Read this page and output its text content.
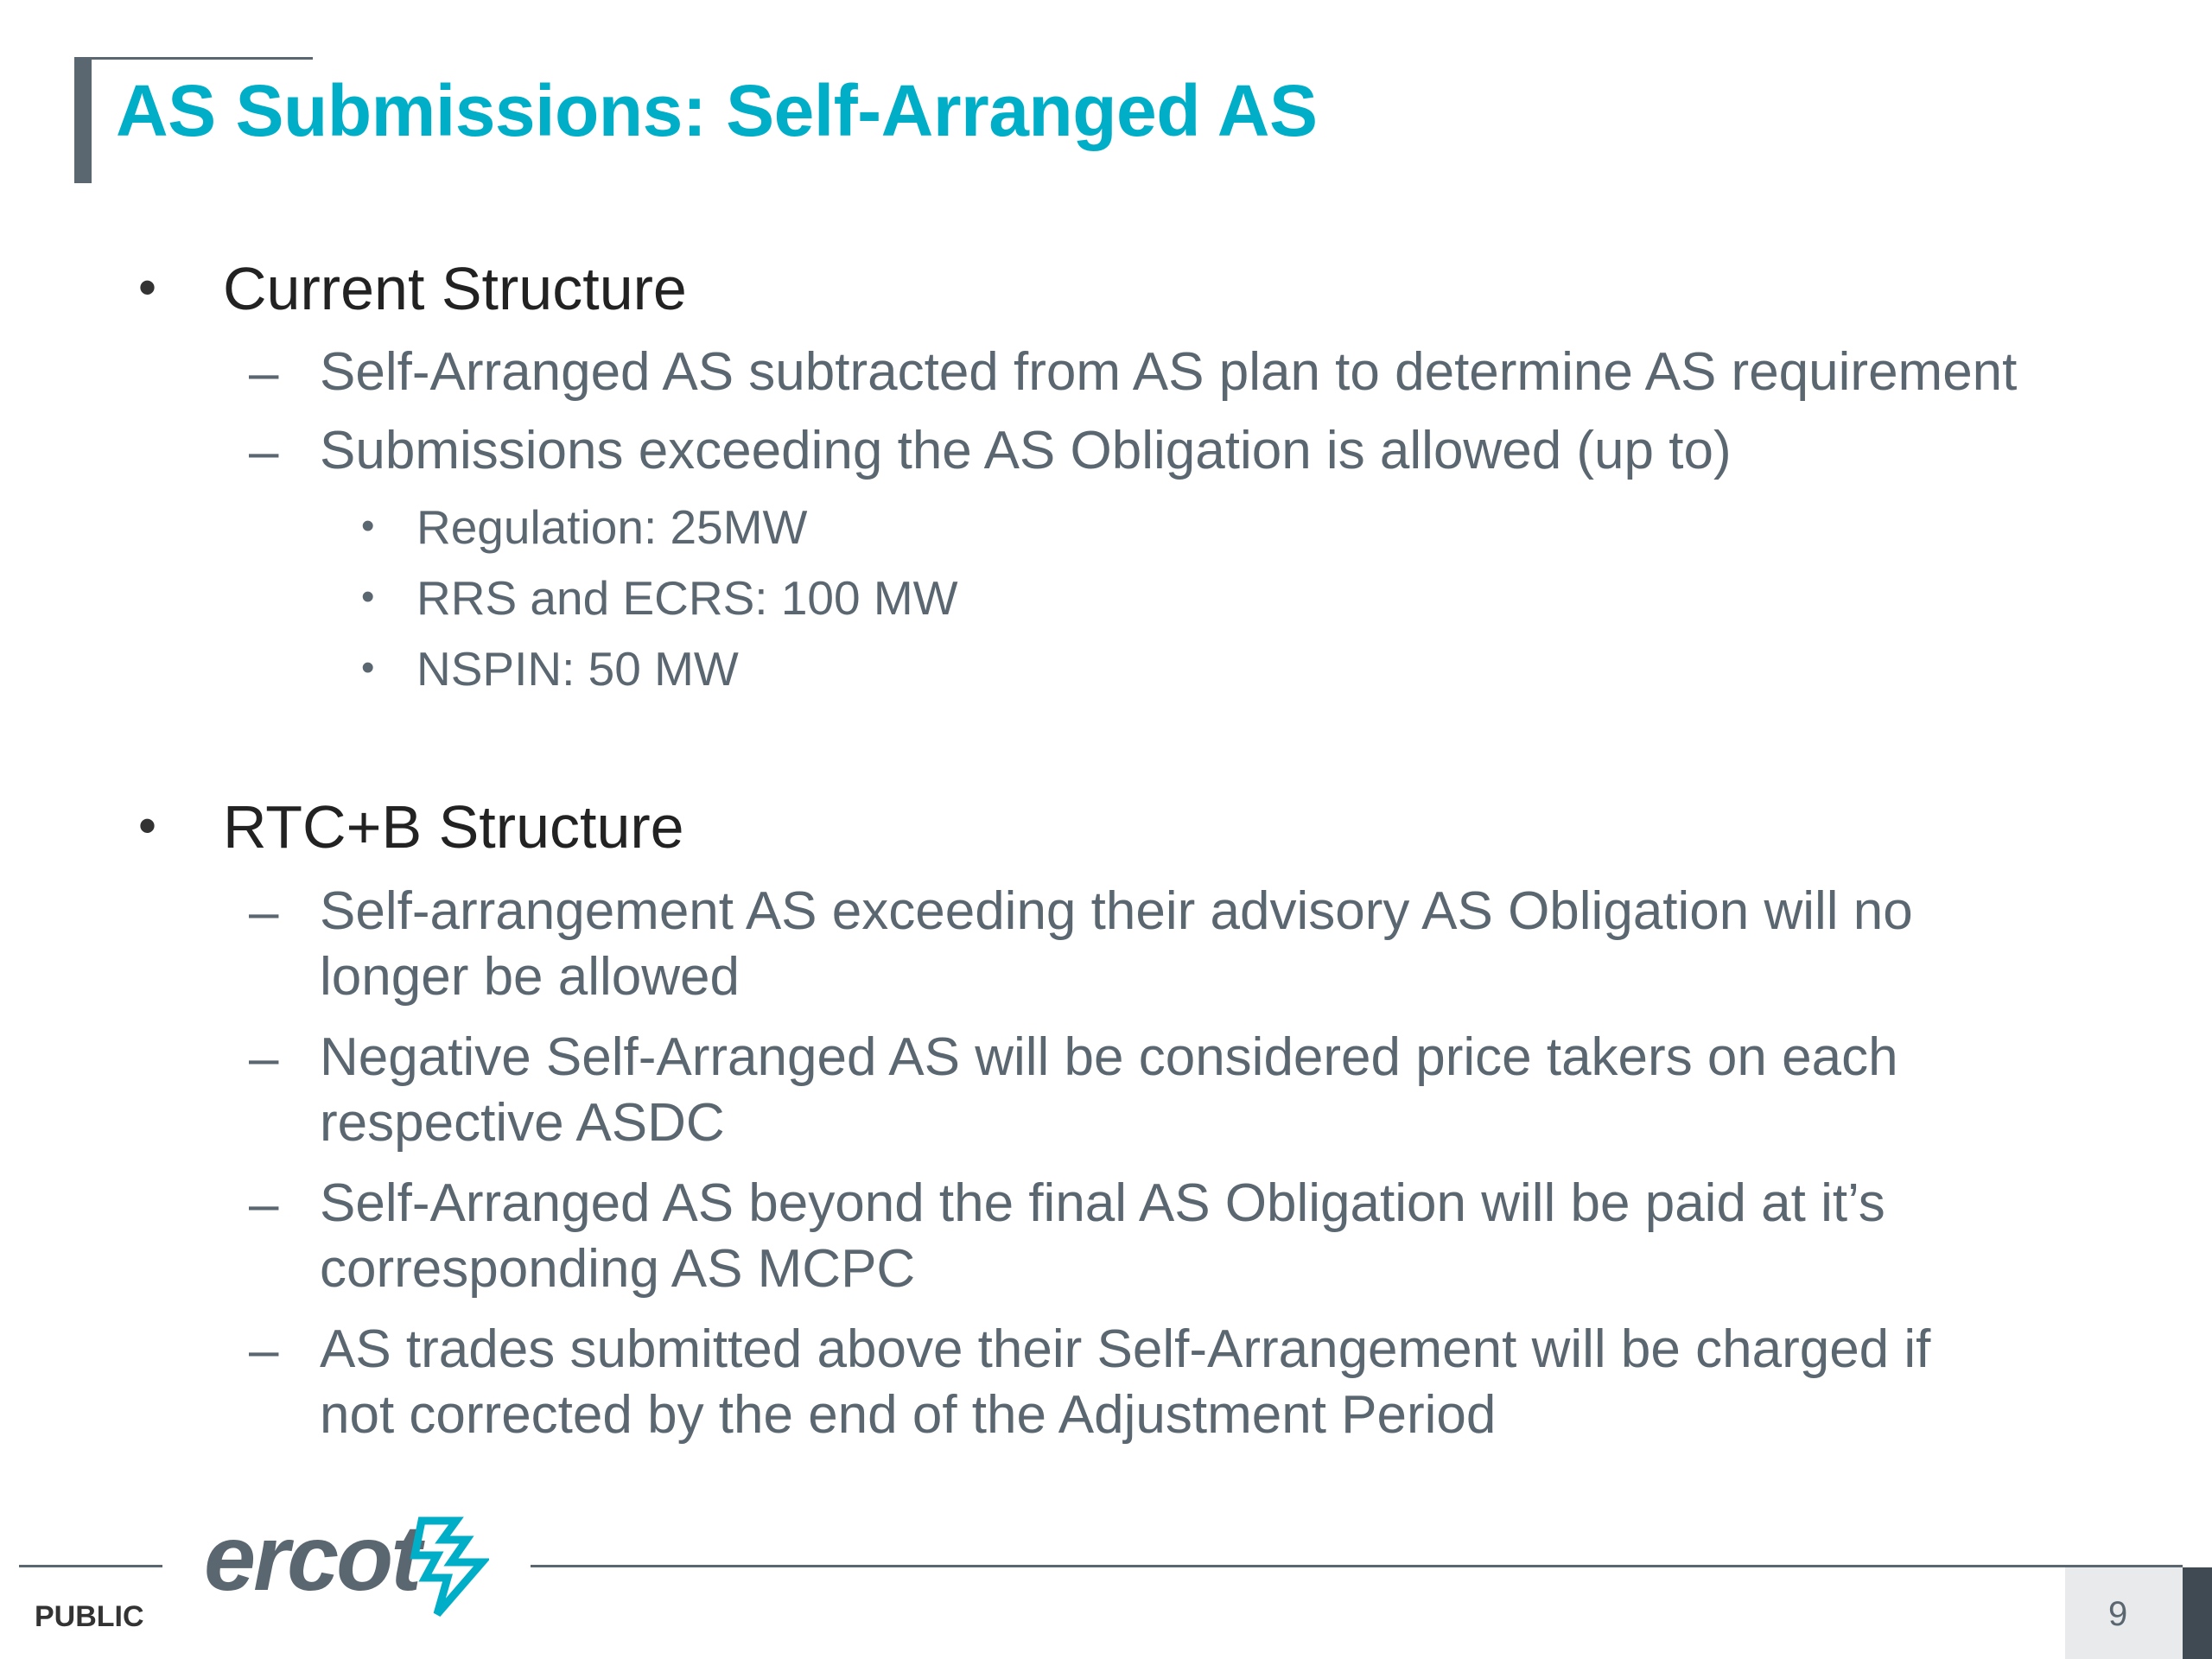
AS Submissions: Self-Arranged AS
• Current Structure
– Self-Arranged AS subtracted from AS plan to determine AS requirement
– Submissions exceeding the AS Obligation is allowed (up to)
• Regulation: 25MW
• RRS and ECRS: 100 MW
• NSPIN: 50 MW
• RTC+B Structure
– Self-arrangement AS exceeding their advisory AS Obligation will no
longer be allowed
– Negative Self-Arranged AS will be considered price takers on each
respective ASDC
– Self-Arranged AS beyond the final AS Obligation will be paid at it’s
corresponding AS MCPC
– AS trades submitted above their Self-Arrangement will be charged if
not corrected by the end of the Adjustment Period
ercot
PUBLIC	9
